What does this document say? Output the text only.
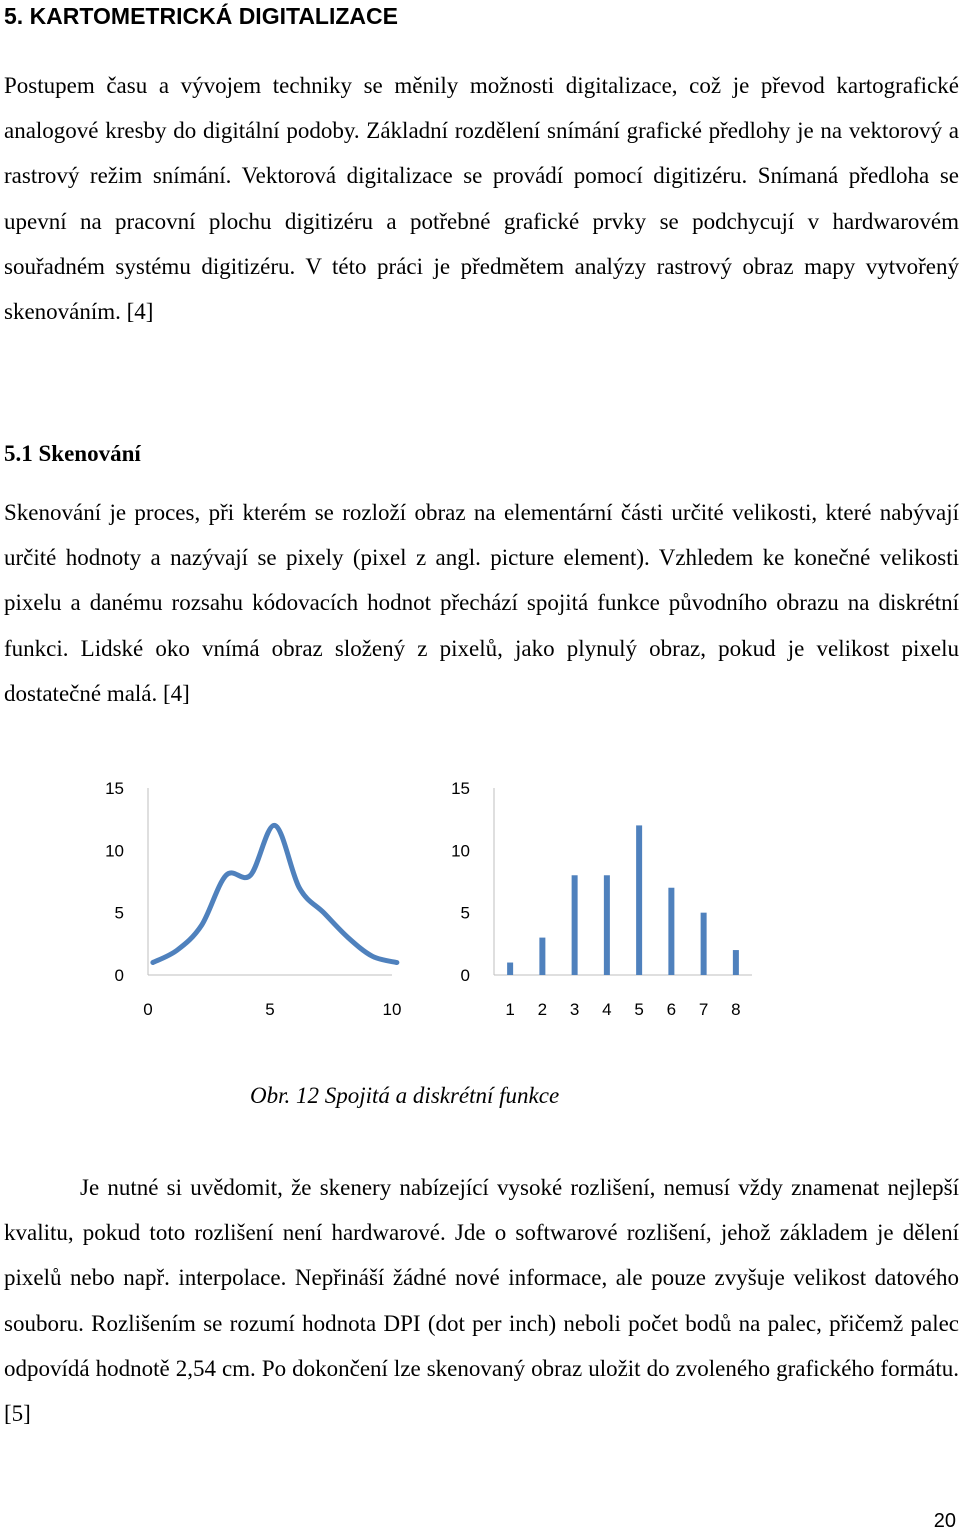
5. KARTOMETRICKÁ DIGITALIZACE

Postupem času a vývojem techniky se měnily možnosti digitalizace, což je převod kartografické analogové kresby do digitální podoby. Základní rozdělení snímání grafické předlohy je na vektorový a rastrový režim snímání. Vektorová digitalizace se provádí pomocí digitizéru. Snímaná předloha se upevní na pracovní plochu digitizéru a potřebné grafické prvky se podchycují v hardwarovém souřadném systému digitizéru. V této práci je předmětem analýzy rastrový obraz mapy vytvořený skenováním. [4]

5.1 Skenování

Skenování je proces, při kterém se rozloží obraz na elementární části určité velikosti, které nabývají určité hodnoty a nazývají se pixely (pixel z angl. picture element). Vzhledem ke konečné velikosti pixelu a danému rozsahu kódovacích hodnot přechází spojitá funkce původního obrazu na diskrétní funkci. Lidské oko vnímá obraz složený z pixelů, jako plynulý obraz, pokud je velikost pixelu dostatečné malá. [4]

0
5
10
15
0	5	10
0
5
10
15
1 2 3 4 5 6 7 8

Obr. 12 Spojitá a diskrétní funkce

Je nutné si uvědomit, že skenery nabízející vysoké rozlišení, nemusí vždy znamenat nejlepší kvalitu, pokud toto rozlišení není hardwarové. Jde o softwarové rozlišení, jehož základem je dělení pixelů nebo např. interpolace. Nepřináší žádné nové informace, ale pouze zvyšuje velikost datového souboru. Rozlišením se rozumí hodnota DPI (dot per inch) neboli počet bodů na palec, přičemž palec odpovídá hodnotě 2,54 cm. Po dokončení lze skenovaný obraz uložit do zvoleného grafického formátu. [5]

20
